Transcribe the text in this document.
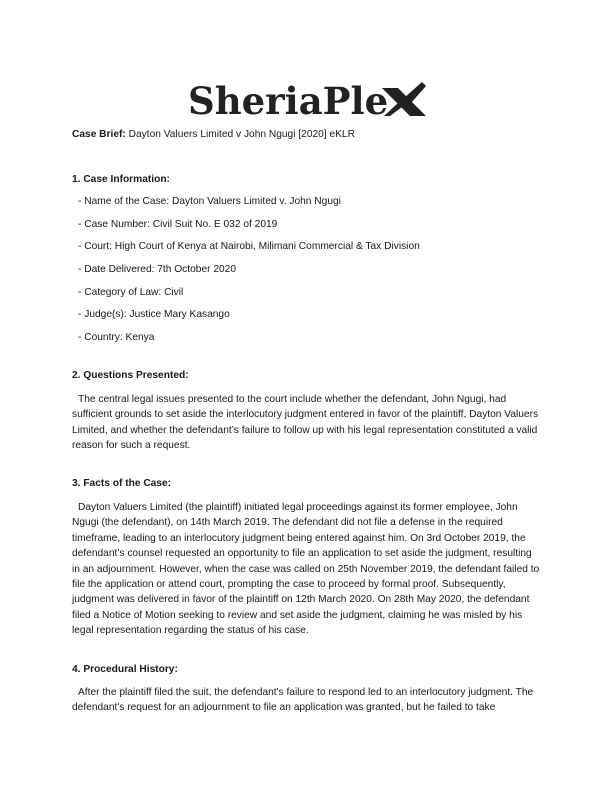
SheriaPle

Case Brief: Dayton Valuers Limited v John Ngugi [2020] eKLR

1. Case Information:
- Name of the Case: Dayton Valuers Limited v. John Ngugi
- Case Number: Civil Suit No. E 032 of 2019
- Court: High Court of Kenya at Nairobi, Milimani Commercial & Tax Division
- Date Delivered: 7th October 2020
- Category of Law: Civil
- Judge(s): Justice Mary Kasango
- Country: Kenya
2. Questions Presented:

The central legal issues presented to the court include whether the defendant, John Ngugi, had sufficient grounds to set aside the interlocutory judgment entered in favor of the plaintiff, Dayton Valuers Limited, and whether the defendant’s failure to follow up with his legal representation constituted a valid reason for such a request.

3. Facts of the Case:

Dayton Valuers Limited (the plaintiff) initiated legal proceedings against its former employee, John Ngugi (the defendant), on 14th March 2019. The defendant did not file a defense in the required timeframe, leading to an interlocutory judgment being entered against him. On 3rd October 2019, the defendant’s counsel requested an opportunity to file an application to set aside the judgment, resulting in an adjournment. However, when the case was called on 25th November 2019, the defendant failed to file the application or attend court, prompting the case to proceed by formal proof. Subsequently, judgment was delivered in favor of the plaintiff on 12th March 2020. On 28th May 2020, the defendant filed a Notice of Motion seeking to review and set aside the judgment, claiming he was misled by his legal representation regarding the status of his case.

4. Procedural History:

After the plaintiff filed the suit, the defendant's failure to respond led to an interlocutory judgment. The defendant's request for an adjournment to file an application was granted, but he failed to take
